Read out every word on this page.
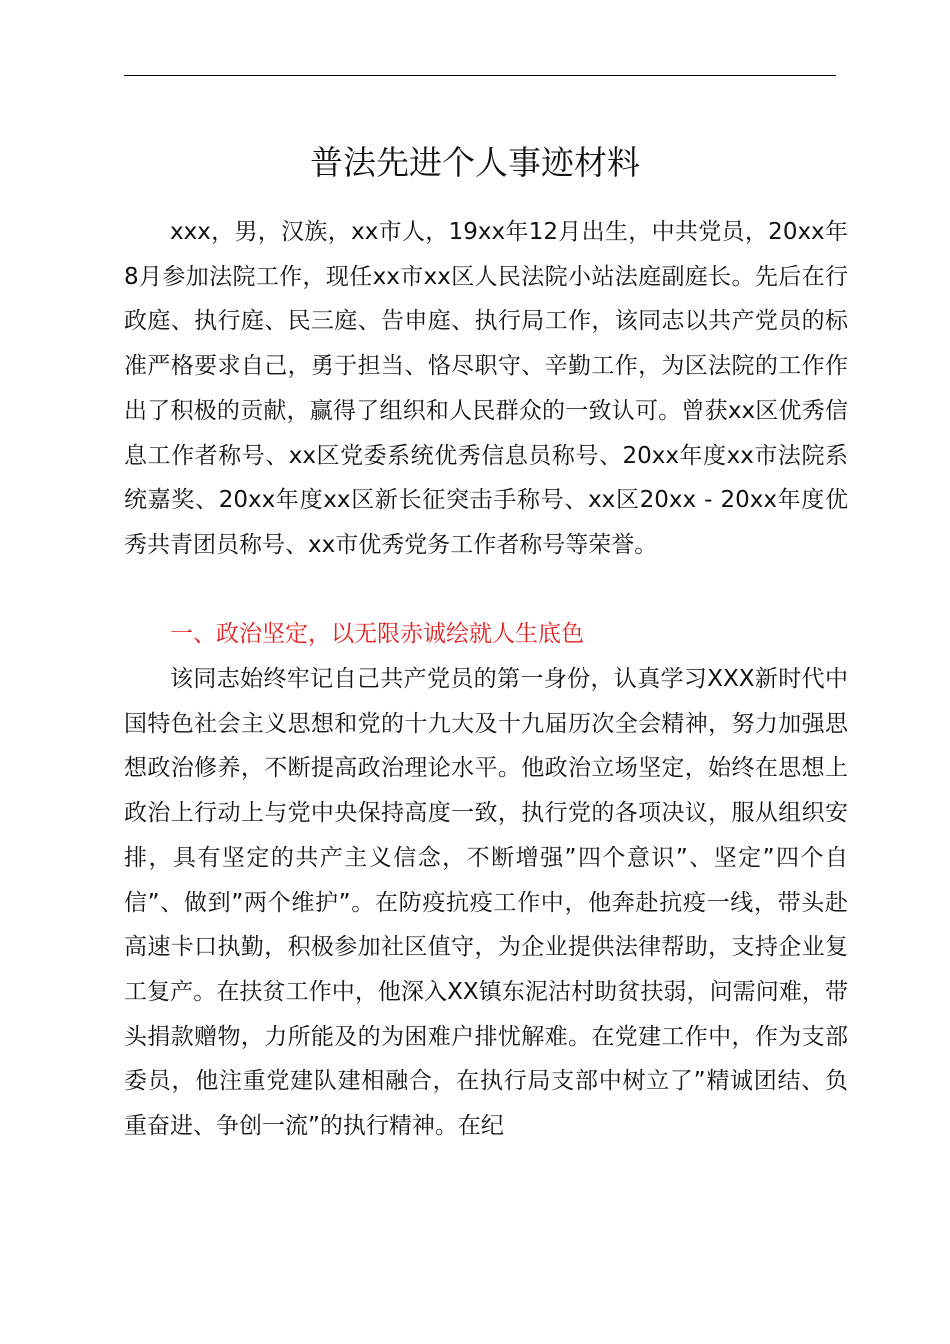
普法先进个人事迹材料

xxx，男，汉族，xx市人，19xx年12月出生，中共党员，20xx年8月参加法院工作，现任xx市xx区人民法院小站法庭副庭长。先后在行政庭、执行庭、民三庭、告申庭、执行局工作，该同志以共产党员的标准严格要求自己，勇于担当、恪尽职守、辛勤工作，为区法院的工作作出了积极的贡献，赢得了组织和人民群众的一致认可。曾获xx区优秀信息工作者称号、xx区党委系统优秀信息员称号、20xx年度xx市法院系统嘉奖、20xx年度xx区新长征突击手称号、xx区20xx - 20xx年度优秀共青团员称号、xx市优秀党务工作者称号等荣誉。

一、政治坚定，以无限赤诚绘就人生底色

该同志始终牢记自己共产党员的第一身份，认真学习XXX新时代中国特色社会主义思想和党的十九大及十九届历次全会精神，努力加强思想政治修养，不断提高政治理论水平。他政治立场坚定，始终在思想上政治上行动上与党中央保持高度一致，执行党的各项决议，服从组织安排，具有坚定的共产主义信念，不断增强”四个意识”、坚定”四个自信”、做到”两个维护”。在防疫抗疫工作中，他奔赴抗疫一线，带头赴高速卡口执勤，积极参加社区值守，为企业提供法律帮助，支持企业复工复产。在扶贫工作中，他深入XX镇东泥沽村助贫扶弱，问需问难，带头捐款赠物，力所能及的为困难户排忧解难。在党建工作中，作为支部委员，他注重党建队建相融合，在执行局支部中树立了”精诚团结、负重奋进、争创一流”的执行精神。在纪
